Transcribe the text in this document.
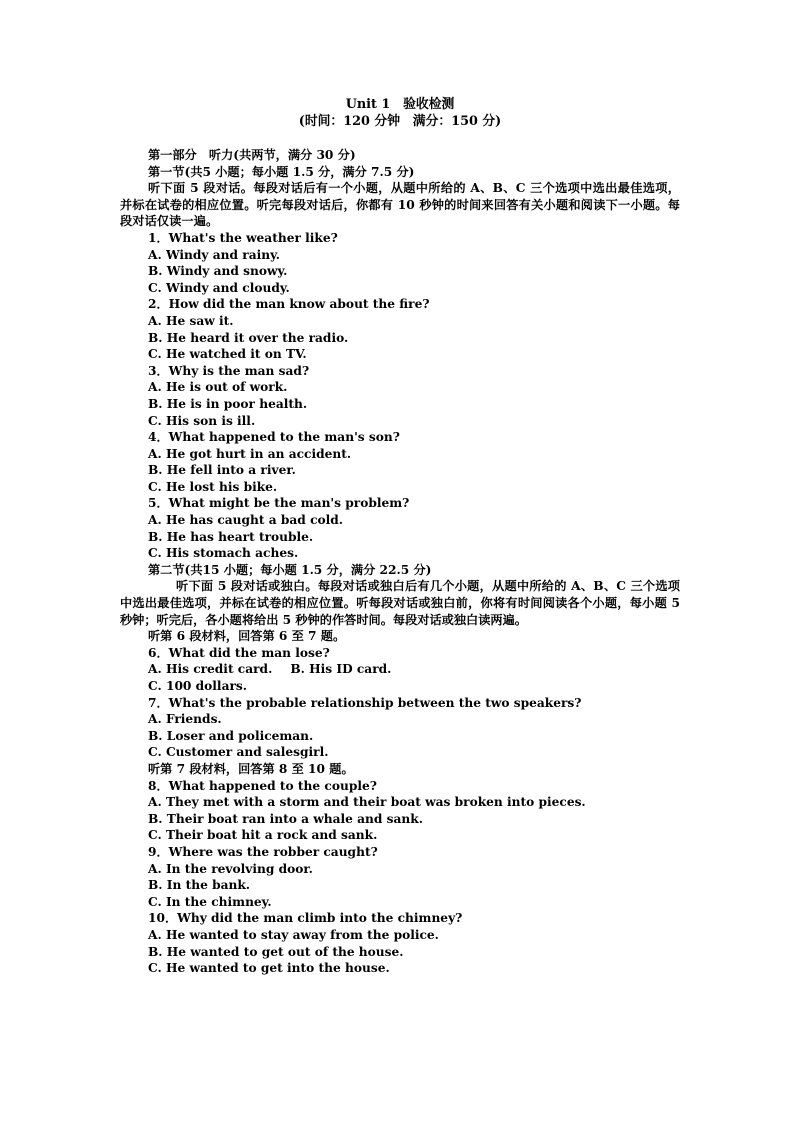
Unit 1　验收检测
(时间：120 分钟　满分：150 分)
第一部分　听力(共两节，满分 30 分)
第一节(共5 小题；每小题 1.5 分，满分 7.5 分)
听下面 5 段对话。每段对话后有一个小题，从题中所给的 A、B、C 三个选项中选出最佳选项，并标在试卷的相应位置。听完每段对话后，你都有 10 秒钟的时间来回答有关小题和阅读下一小题。每段对话仅读一遍。
1．What's the weather like?
A. Windy and rainy.
B. Windy and snowy.
C. Windy and cloudy.
2．How did the man know about the fire?
A. He saw it.
B. He heard it over the radio.
C. He watched it on TV.
3．Why is the man sad?
A. He is out of work.
B. He is in poor health.
C. His son is ill.
4．What happened to the man's son?
A. He got hurt in an accident.
B. He fell into a river.
C. He lost his bike.
5．What might be the man's problem?
A. He has caught a bad cold.
B. He has heart trouble.
C. His stomach aches.
第二节(共15 小题；每小题 1.5 分，满分 22.5 分)
听下面 5 段对话或独白。每段对话或独白后有几个小题，从题中所给的 A、B、C 三个选项中选出最佳选项，并标在试卷的相应位置。听每段对话或独白前，你将有时间阅读各个小题，每小题 5 秒钟；听完后，各小题将给出 5 秒钟的作答时间。每段对话或独白读两遍。
听第 6 段材料，回答第 6 至 7 题。
6．What did the man lose?
A. His credit card. B. His ID card.
C. 100 dollars.
7．What's the probable relationship between the two speakers?
A. Friends.
B. Loser and policeman.
C. Customer and salesgirl.
听第 7 段材料，回答第 8 至 10 题。
8．What happened to the couple?
A. They met with a storm and their boat was broken into pieces.
B. Their boat ran into a whale and sank.
C. Their boat hit a rock and sank.
9．Where was the robber caught?
A. In the revolving door.
B. In the bank.
C. In the chimney.
10．Why did the man climb into the chimney?
A. He wanted to stay away from the police.
B. He wanted to get out of the house.
C. He wanted to get into the house.
